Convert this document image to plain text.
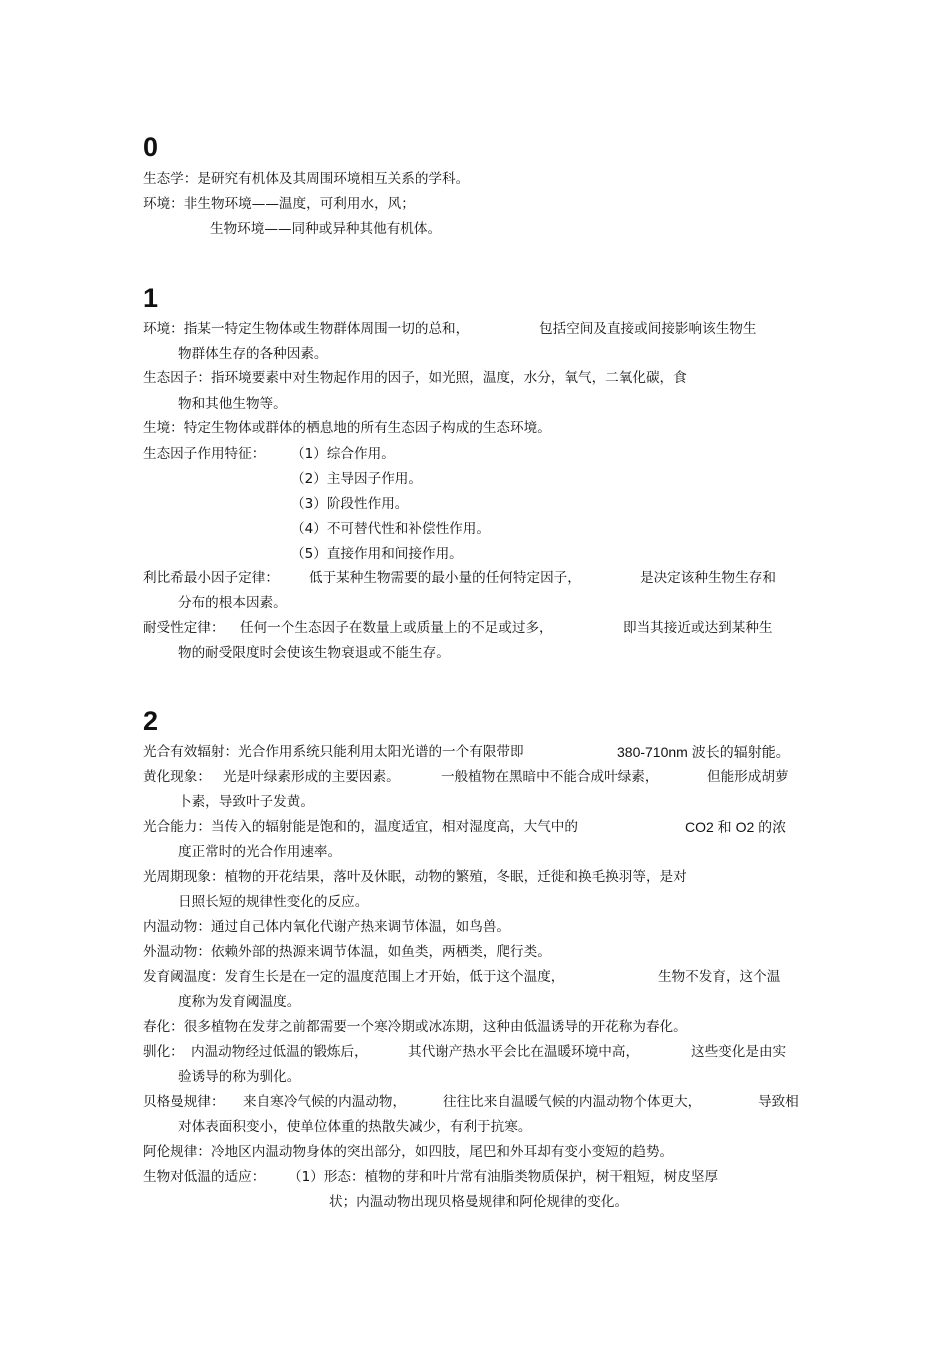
0
生态学：是研究有机体及其周围环境相互关系的学科。
环境：非生物环境——温度，可利用水，风；
生物环境——同种或异种其他有机体。
1
环境：指某一特定生物体或生物群体周围一切的总和，	包括空间及直接或间接影响该生物生
物群体生存的各种因素。
生态因子：指环境要素中对生物起作用的因子，如光照，温度，水分，氧气，二氧化碳，食
物和其他生物等。
生境：特定生物体或群体的栖息地的所有生态因子构成的生态环境。
生态因子作用特征： （1）综合作用。
（2）主导因子作用。
（3）阶段性作用。
（4）不可替代性和补偿性作用。
（5）直接作用和间接作用。
利比希最小因子定律： 低于某种生物需要的最小量的任何特定因子，	是决定该种生物生存和
分布的根本因素。
耐受性定律： 任何一个生态因子在数量上或质量上的不足或过多，	即当其接近或达到某种生
物的耐受限度时会使该生物衰退或不能生存。
2
光合有效辐射：光合作用系统只能利用太阳光谱的一个有限带即	380-710nm 波长的辐射能。
黄化现象： 光是叶绿素形成的主要因素。	一般植物在黑暗中不能合成叶绿素，	但能形成胡萝
卜素，导致叶子发黄。
光合能力：当传入的辐射能是饱和的，温度适宜，相对湿度高，大气中的	CO2 和 O2 的浓
度正常时的光合作用速率。
光周期现象：植物的开花结果，落叶及休眠，动物的繁殖，冬眠，迁徙和换毛换羽等，是对
日照长短的规律性变化的反应。
内温动物：通过自己体内氧化代谢产热来调节体温，如鸟兽。
外温动物：依赖外部的热源来调节体温，如鱼类，两栖类，爬行类。
发育阈温度：发育生长是在一定的温度范围上才开始，低于这个温度，	生物不发育，这个温
度称为发育阈温度。
春化：很多植物在发芽之前都需要一个寒冷期或冰冻期，这种由低温诱导的开花称为春化。
驯化： 内温动物经过低温的锻炼后，	其代谢产热水平会比在温暖环境中高，	这些变化是由实
验诱导的称为驯化。
贝格曼规律： 来自寒冷气候的内温动物，	往往比来自温暖气候的内温动物个体更大，	导致相
对体表面积变小，使单位体重的热散失减少，有利于抗寒。
阿伦规律：冷地区内温动物身体的突出部分，如四肢，尾巴和外耳却有变小变短的趋势。
生物对低温的适应： （1）形态：植物的芽和叶片常有油脂类物质保护，树干粗短，树皮坚厚
状；内温动物出现贝格曼规律和阿伦规律的变化。
